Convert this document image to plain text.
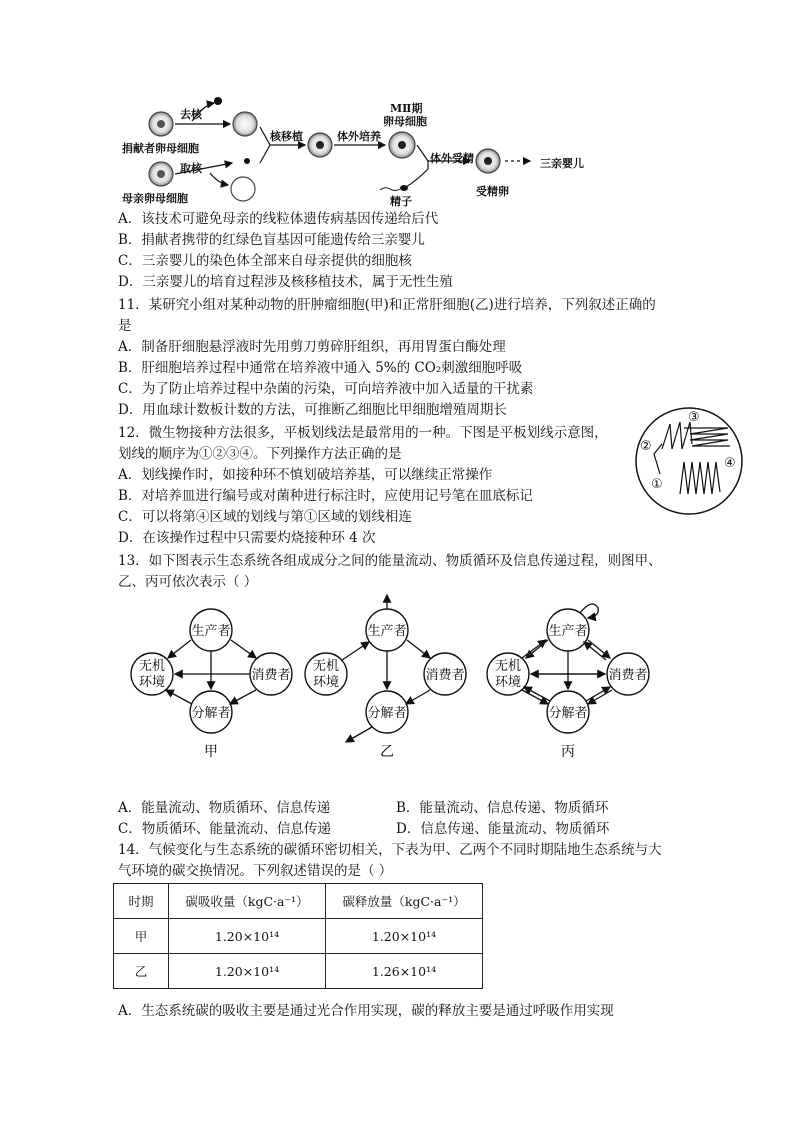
去核
捐献者卵母细胞
取核
母亲卵母细胞
核移植	体外培养
MⅡ期
卵母细胞
体外受精
精子
受精卵
三亲婴儿
A．该技术可避免母亲的线粒体遗传病基因传递给后代
B．捐献者携带的红绿色盲基因可能遗传给三亲婴儿
C．三亲婴儿的染色体全部来自母亲提供的细胞核
D．三亲婴儿的培育过程涉及核移植技术，属于无性生殖
11．某研究小组对某种动物的肝肿瘤细胞(甲)和正常肝细胞(乙)进行培养，下列叙述正确的
是
A．制备肝细胞悬浮液时先用剪刀剪碎肝组织，再用胃蛋白酶处理
B．肝细胞培养过程中通常在培养液中通入 5%的 CO₂刺激细胞呼吸
C．为了防止培养过程中杂菌的污染，可向培养液中加入适量的干扰素
D．用血球计数板计数的方法，可推断乙细胞比甲细胞增殖周期长
12．微生物接种方法很多，平板划线法是最常用的一种。下图是平板划线示意图，
划线的顺序为①②③④。下列操作方法正确的是
A．划线操作时，如接种环不慎划破培养基，可以继续正常操作
B．对培养皿进行编号或对菌种进行标注时，应使用记号笔在皿底标记
C．可以将第④区域的划线与第①区域的划线相连
D．在该操作过程中只需要灼烧接种环 4 次
①
②
③
④
13．如下图表示生态系统各组成成分之间的能量流动、物质循环及信息传递过程，则图甲、
乙、丙可依次表示（ ）
生产者
无机
环境	消费者
分解者
生产者
无机
环境	消费者
分解者
生产者
无机
环境	消费者
分解者
甲	乙	丙
A．能量流动、物质循环、信息传递	B．能量流动、信息传递、物质循环
C．物质循环、能量流动、信息传递	D．信息传递、能量流动、物质循环
14．气候变化与生态系统的碳循环密切相关，下表为甲、乙两个不同时期陆地生态系统与大
气环境的碳交换情况。下列叙述错误的是（ ）
时期	碳吸收量（kgC·a⁻¹）	碳释放量（kgC·a⁻¹）
甲	1.20×10¹⁴	1.20×10¹⁴
乙	1.20×10¹⁴	1.26×10¹⁴
A．生态系统碳的吸收主要是通过光合作用实现，碳的释放主要是通过呼吸作用实现
